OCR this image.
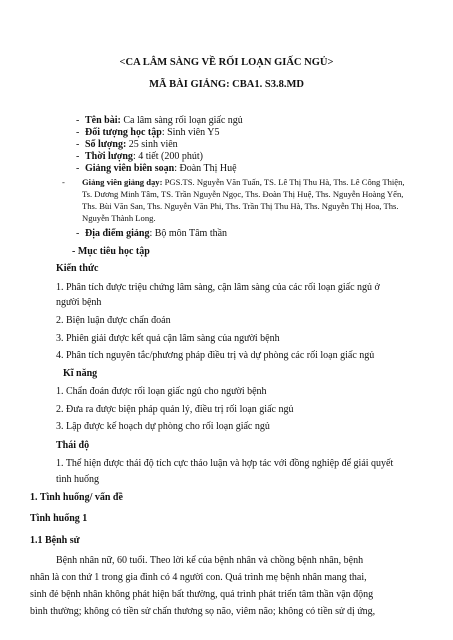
<CA LÂM SÀNG VỀ RỐI LOẠN GIẤC NGỦ>
MÃ BÀI GIẢNG: CBA1. S3.8.MD
- Tên bài: Ca lâm sàng rối loạn giấc ngủ
- Đối tượng học tập: Sinh viên Y5
- Số lượng: 25 sinh viên
- Thời lượng: 4 tiết (200 phút)
- Giảng viên biên soạn: Đoàn Thị Huệ
- Giảng viên giảng dạy: PGS.TS. Nguyễn Văn Tuấn, TS. Lê Thị Thu Hà, Ths. Lê Công Thiện,
Ts. Dương Minh Tâm, TS. Trần Nguyễn Ngọc, Ths. Đoàn Thị Huệ, Ths. Nguyễn Hoàng Yến,
Ths. Bùi Văn San, Ths. Nguyễn Văn Phi, Ths. Trần Thị Thu Hà, Ths. Nguyễn Thị Hoa, Ths.
Nguyễn Thành Long.
- Địa điểm giảng: Bộ môn Tâm thần
- Mục tiêu học tập
Kiến thức
1. Phân tích được triệu chứng lâm sàng, cận lâm sàng của các rối loạn giấc ngủ ở
người bệnh
2. Biện luận được chẩn đoán
3. Phiên giải được kết quả cận lâm sàng của người bệnh
4. Phân tích nguyên tắc/phương pháp điều trị và dự phòng các rối loạn giấc ngủ
Kĩ năng
1. Chẩn đoán được rối loạn giấc ngủ cho người bệnh
2. Đưa ra được biện pháp quản lý, điều trị rối loạn giấc ngủ
3. Lập được kế hoạch dự phòng cho rối loạn giấc ngủ
Thái độ
1. Thể hiện được thái độ tích cực thảo luận và hợp tác với đồng nghiệp để giải quyết
tình huống
1. Tình huống/ vấn đề
Tình huống 1
1.1 Bệnh sử
Bệnh nhân nữ, 60 tuổi. Theo lời kể của bệnh nhân và chồng bệnh nhân, bệnh
nhân là con thứ 1 trong gia đình có 4 người con. Quá trình mẹ bệnh nhân mang thai,
sinh đẻ bệnh nhân không phát hiện bất thường, quá trình phát triển tâm thần vận động
bình thường; không có tiền sử chấn thương sọ não, viêm não; không có tiền sử dị ứng,
